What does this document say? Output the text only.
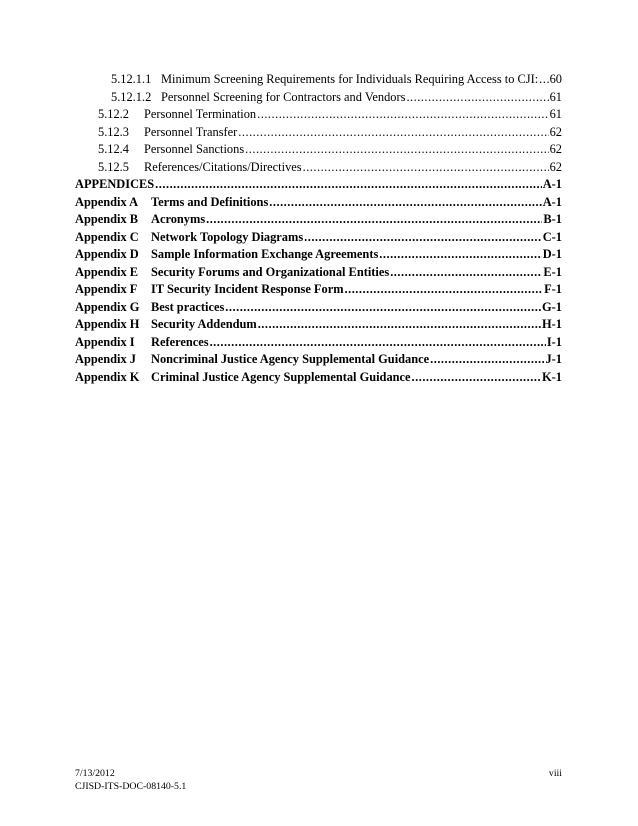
5.12.1.1 Minimum Screening Requirements for Individuals Requiring Access to CJI: ..... .60
5.12.1.2 Personnel Screening for Contractors and Vendors .....	61
5.12.2	Personnel Termination .....	61
5.12.3	Personnel Transfer .....	62
5.12.4	Personnel Sanctions .....	62
5.12.5	References/Citations/Directives .....	62
APPENDICES .....	A-1
Appendix A	Terms and Definitions .....	A-1
Appendix B	Acronyms .....	B-1
Appendix C Network Topology Diagrams .....	C-1
Appendix D Sample Information Exchange Agreements .....	D-1
Appendix E	Security Forums and Organizational Entities .....	E-1
Appendix F	IT Security Incident Response Form .....	F-1
Appendix G Best practices .....	G-1
Appendix H Security Addendum .....	H-1
Appendix I	References .....	I-1
Appendix J	Noncriminal Justice Agency Supplemental Guidance .....	J-1
Appendix K Criminal Justice Agency Supplemental Guidance .....	K-1
7/13/2012	viii
CJISD-ITS-DOC-08140-5.1
